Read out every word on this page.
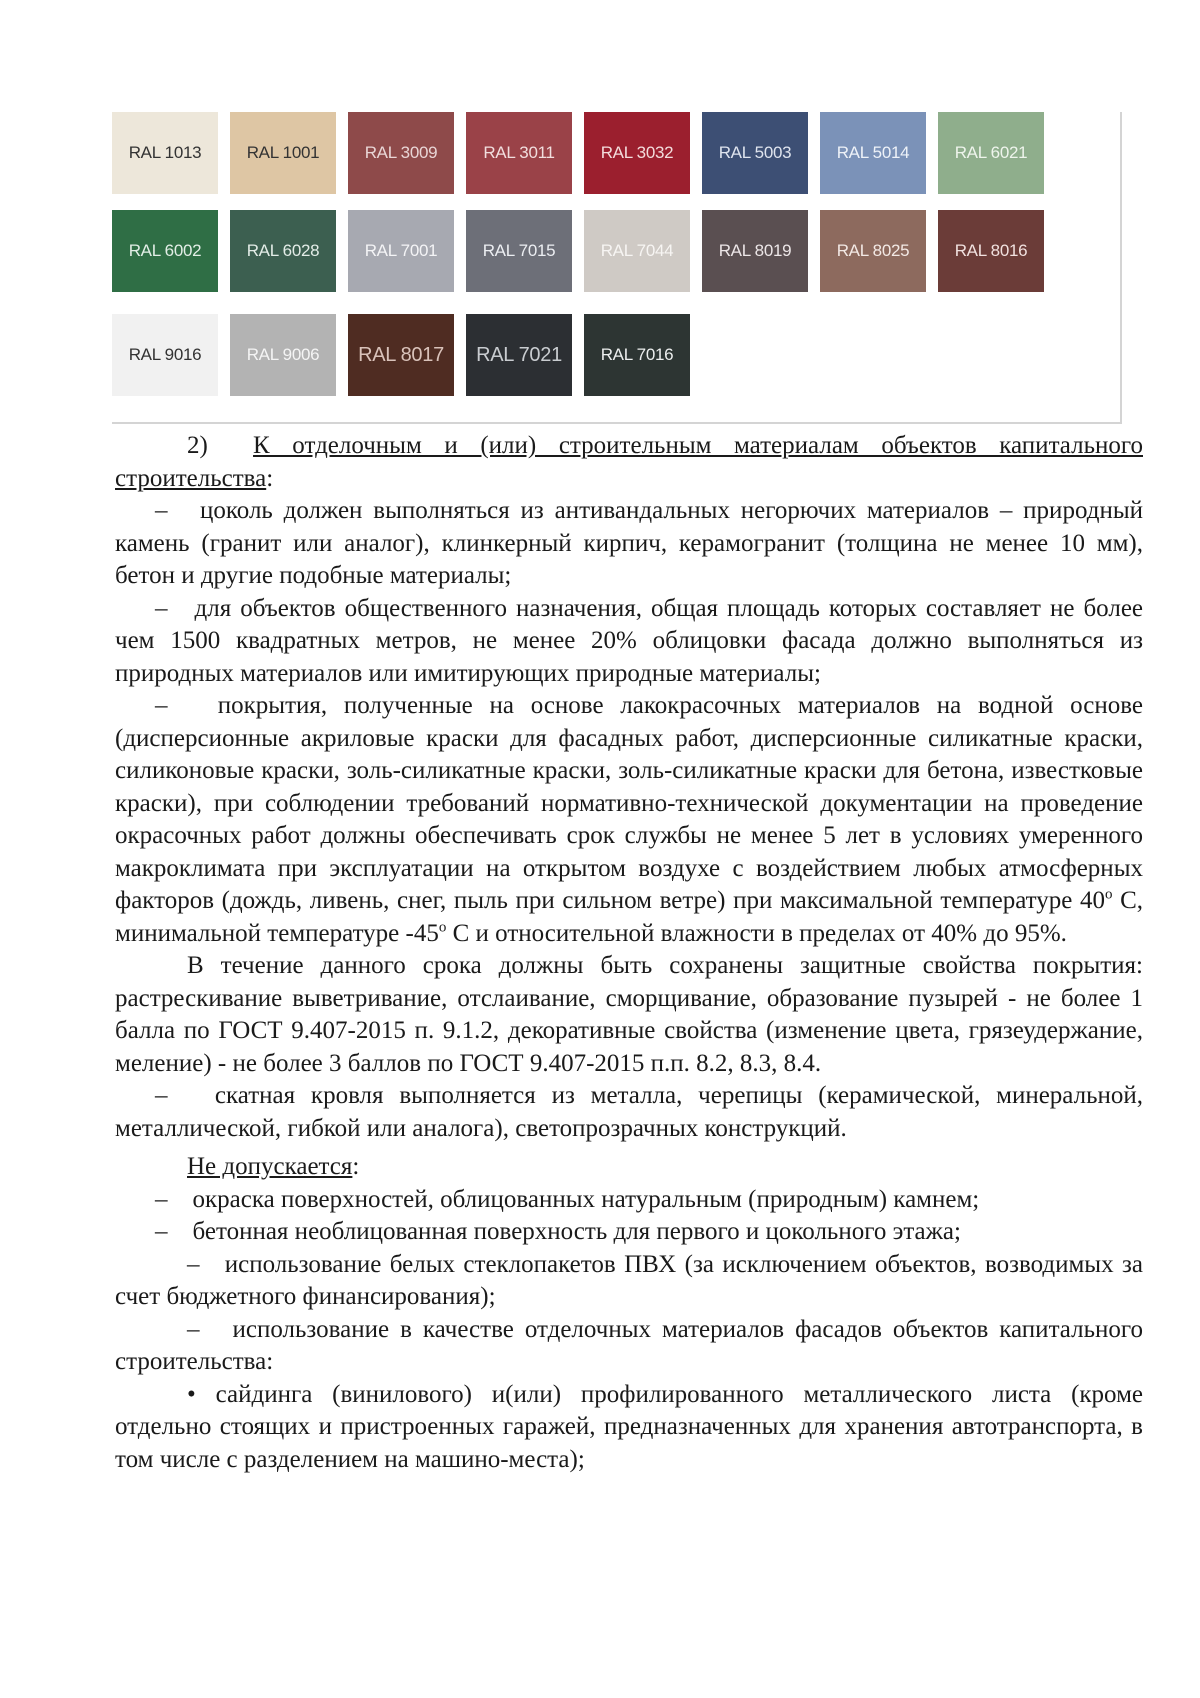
RAL 1013	RAL 1001	RAL 3009	RAL 3011	RAL 3032	RAL 5003	RAL 5014	RAL 6021
RAL 6002	RAL 6028	RAL 7001	RAL 7015	RAL 7044	RAL 8019	RAL 8025	RAL 8016
RAL 9016	RAL 9006	RAL 8017	RAL 7021	RAL 7016

2) К отделочным и (или) строительным материалам объектов капитального строительства:

– цоколь должен выполняться из антивандальных негорючих материалов – природный камень (гранит или аналог), клинкерный кирпич, керамогранит (толщина не менее 10 мм), бетон и другие подобные материалы;

– для объектов общественного назначения, общая площадь которых составляет не более чем 1500 квадратных метров, не менее 20% облицовки фасада должно выполняться из природных материалов или имитирующих природные материалы;

– покрытия, полученные на основе лакокрасочных материалов на водной основе (дисперсионные акриловые краски для фасадных работ, дисперсионные силикатные краски, силиконовые краски, золь-силикатные краски, золь-силикатные краски для бетона, известковые краски), при соблюдении требований нормативно-технической документации на проведение окрасочных работ должны обеспечивать срок службы не менее 5 лет в условиях умеренного макроклимата при эксплуатации на открытом воздухе с воздействием любых атмосферных факторов (дождь, ливень, снег, пыль при сильном ветре) при максимальной температуре $40^о$ С, минимальной температуре $-45^о$ С и относительной влажности в пределах от 40% до 95%.

В течение данного срока должны быть сохранены защитные свойства покрытия: растрескивание выветривание, отслаивание, сморщивание, образование пузырей - не более 1 балла по ГОСТ 9.407-2015 п. 9.1.2, декоративные свойства (изменение цвета, грязеудержание, меление) - не более 3 баллов по ГОСТ 9.407-2015 п.п. 8.2, 8.3, 8.4.

– скатная кровля выполняется из металла, черепицы (керамической, минеральной, металлической, гибкой или аналога), светопрозрачных конструкций.

Не допускается:

– окраска поверхностей, облицованных натуральным (природным) камнем;

– бетонная необлицованная поверхность для первого и цокольного этажа;

– использование белых стеклопакетов ПВХ (за исключением объектов, возводимых за счет бюджетного финансирования);

– использование в качестве отделочных материалов фасадов объектов капитального строительства:

• сайдинга (винилового) и(или) профилированного металлического листа (кроме отдельно стоящих и пристроенных гаражей, предназначенных для хранения автотранспорта, в том числе с разделением на машино-места);
